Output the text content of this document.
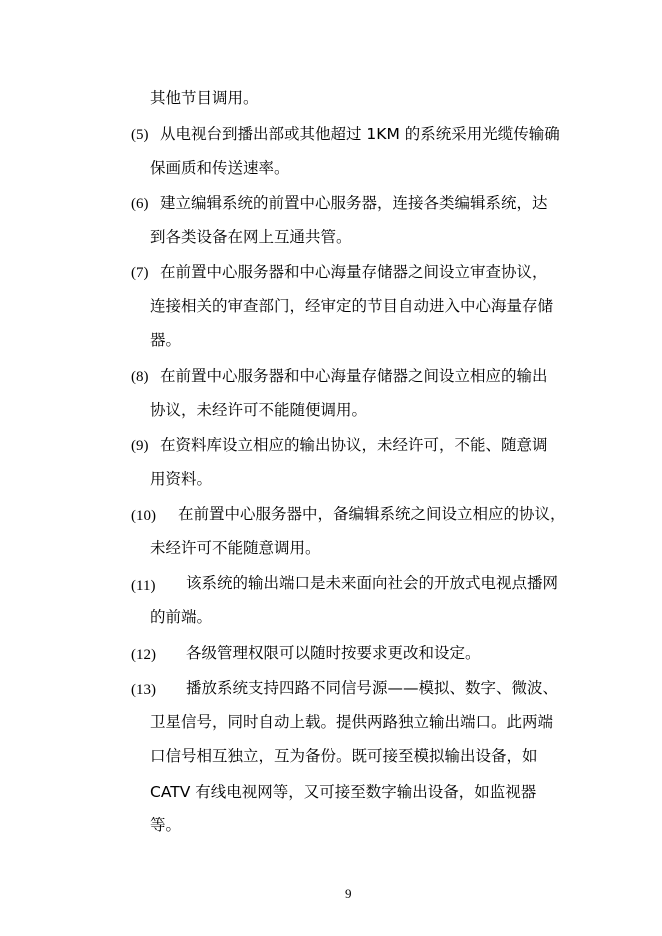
其他节目调用。
(5) 从电视台到播出部或其他超过 1KM 的系统采用光缆传输确
保画质和传送速率。
(6) 建立编辑系统的前置中心服务器，连接各类编辑系统，达
到各类设备在网上互通共管。
(7) 在前置中心服务器和中心海量存储器之间设立审查协议，
连接相关的审查部门，经审定的节目自动进入中心海量存储
器。
(8) 在前置中心服务器和中心海量存储器之间设立相应的输出
协议，未经许可不能随便调用。
(9) 在资料库设立相应的输出协议，未经许可，不能、随意调
用资料。
(10) 在前置中心服务器中，备编辑系统之间设立相应的协议，
未经许可不能随意调用。
(11) 该系统的输出端口是未来面向社会的开放式电视点播网
的前端。
(12) 各级管理权限可以随时按要求更改和设定。
(13) 播放系统支持四路不同信号源——模拟、数字、微波、
卫星信号，同时自动上载。提供两路独立输出端口。此两端
口信号相互独立，互为备份。既可接至模拟输出设备，如
CATV 有线电视网等，又可接至数字输出设备，如监视器
等。
9
